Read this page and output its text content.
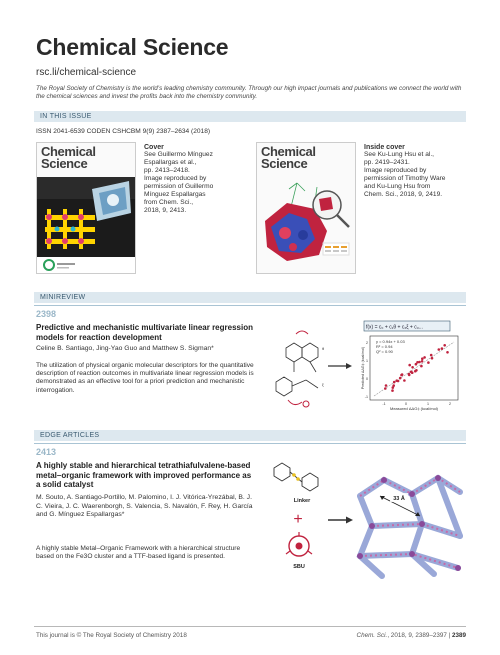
Chemical Science
rsc.li/chemical-science
The Royal Society of Chemistry is the world’s leading chemistry community. Through our high impact journals and publications we connect the world with the chemical sciences and invest the profits back into the chemistry community.
IN THIS ISSUE
ISSN 2041-6539 CODEN CSHCBM 9(9) 2387–2634 (2018)
Chemical
Science
Cover
See Guillermo Mínguez
Espallargas et al.,
pp. 2413–2418.
Image reproduced by
permission of Guillermo
Mínguez Espallargas
from Chem. Sci.,
2018, 9, 2413.
Chemical
Science
Inside cover
See Ku-Lung Hsu et al.,
pp. 2419–2431.
Image reproduced by
permission of Timothy Ware
and Ku-Lung Hsu from
Chem. Sci., 2018, 9, 2419.
MINIREVIEW
2398
Predictive and mechanistic multivariate linear regression models for reaction development
Celine B. Santiago, Jing-Yao Guo and Matthew S. Sigman*
The utilization of physical organic molecular descriptors for the quantitative description of reaction outcomes in multivariate linear regression models is demonstrated as an effective tool for a priori prediction and mechanistic interrogation.
θ
ξ
f(x) = c₀ + c₁θ + c₂ξ + c₃...
y = 0.94x + 0.03
R² = 0.94
Q² = 0.90
Measured ΔΔG‡ (kcal/mol)
Predicted ΔΔG‡ (kcal/mol)
-1	0	1	2
2
1
0
-1
EDGE ARTICLES
2413
A highly stable and hierarchical tetrathiafulvalene-based metal–organic framework with improved performance as a solid catalyst
M. Souto, A. Santiago-Portillo, M. Palomino, I. J. Vitórica-Yrezábal, B. J. C. Vieira, J. C. Waerenborgh, S. Valencia, S. Navalón, F. Rey, H. García and G. Mínguez Espallargas*
A highly stable Metal–Organic Framework with a hierarchical structure based on the Fe3O cluster and a TTF-based ligand is presented.
Linker
+
SBU
33 Å
This journal is © The Royal Society of Chemistry 2018	Chem. Sci., 2018, 9, 2389–2397 | 2389
